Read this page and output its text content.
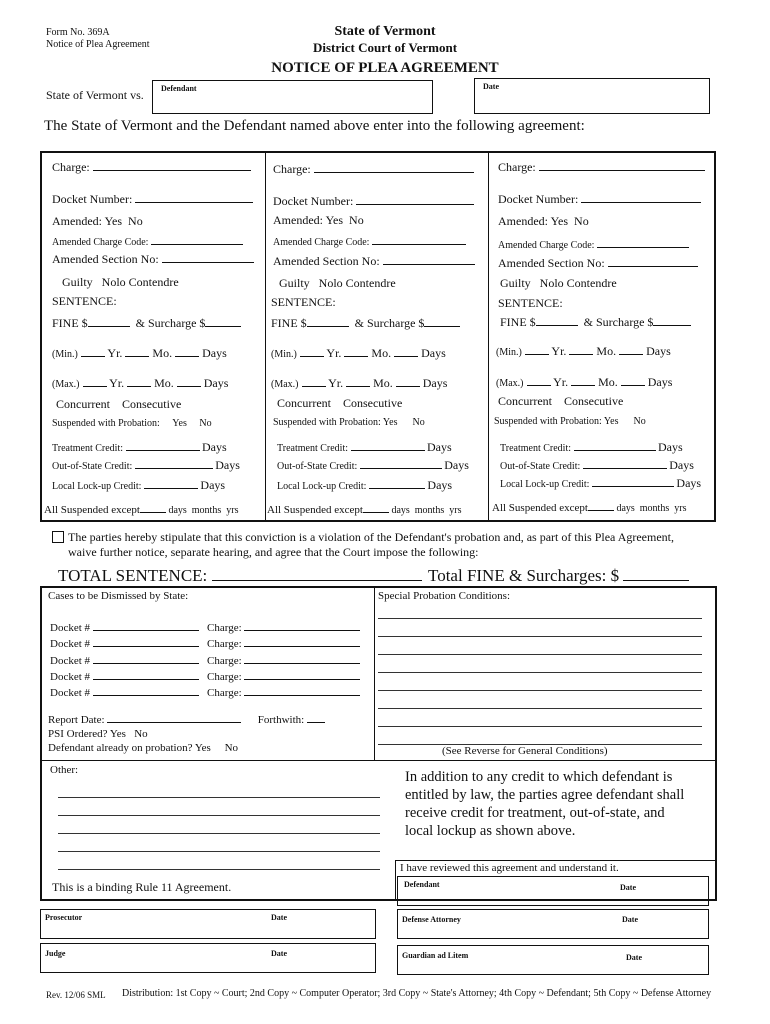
Form No. 369A
Notice of Plea Agreement
State of Vermont
District Court of Vermont
NOTICE OF PLEA AGREEMENT
State of Vermont vs. Defendant	Date
The State of Vermont and the Defendant named above enter into the following agreement:
Charge:
Docket Number:
Amended: Yes No
Amended Charge Code:
Amended Section No:
Guilty Nolo Contendre
SENTENCE:
FINE $	& Surcharge $
(Min.) Yr.	Mo.	Days
(Max.) Yr.	Mo.	Days
Concurrent Consecutive
Suspended with Probation: Yes No
Treatment Credit:	Days
Out-of-State Credit:	Days
Local Lock-up Credit:	Days
All Suspended except	days months yrs
Charge:
Docket Number:
Amended: Yes No
Amended Charge Code:
Amended Section No:
Guilty Nolo Contendre
SENTENCE:
FINE $	& Surcharge $
(Min.) Yr.	Mo.	Days
(Max.) Yr.	Mo.	Days
Concurrent Consecutive
Suspended with Probation: Yes No
Treatment Credit:	Days
Out-of-State Credit:	Days
Local Lock-up Credit:	Days
All Suspended except	days months yrs
Charge:
Docket Number:
Amended: Yes No
Amended Charge Code:
Amended Section No:
Guilty Nolo Contendre
SENTENCE:
FINE $	& Surcharge $
(Min.) Yr.	Mo.	Days
(Max.) Yr.	Mo.	Days
Concurrent Consecutive
Suspended with Probation: Yes No
Treatment Credit:	Days
Out-of-State Credit:	Days
Local Lock-up Credit:	Days
All Suspended except	days months yrs
The parties hereby stipulate that this conviction is a violation of the Defendant's probation and, as part of this Plea Agreement,
waive further notice, separate hearing, and agree that the Court impose the following:
TOTAL SENTENCE:	Total FINE & Surcharges: $
Cases to be Dismissed by State:
Docket #	Charge:
Docket #	Charge:
Docket #	Charge:
Docket #	Charge:
Docket #	Charge:
Report Date:	Forthwith:
PSI Ordered? Yes No
Defendant already on probation? Yes No
Special Probation Conditions:
(See Reverse for General Conditions)
Other:	In addition to any credit to which defendant is
entitled by law, the parties agree defendant shall
receive credit for treatment, out-of-state, and
local lockup as shown above.
I have reviewed this agreement and understand it.
This is a binding Rule 11 Agreement.	Defendant	Date
Prosecutor	Date	Defense Attorney	Date
Judge	Date	Guardian ad Litem	Date
Rev. 12/06 SML Distribution: 1st Copy ~ Court; 2nd Copy ~ Computer Operator; 3rd Copy ~ State's Attorney; 4th Copy ~ Defendant; 5th Copy ~ Defense Attorney
